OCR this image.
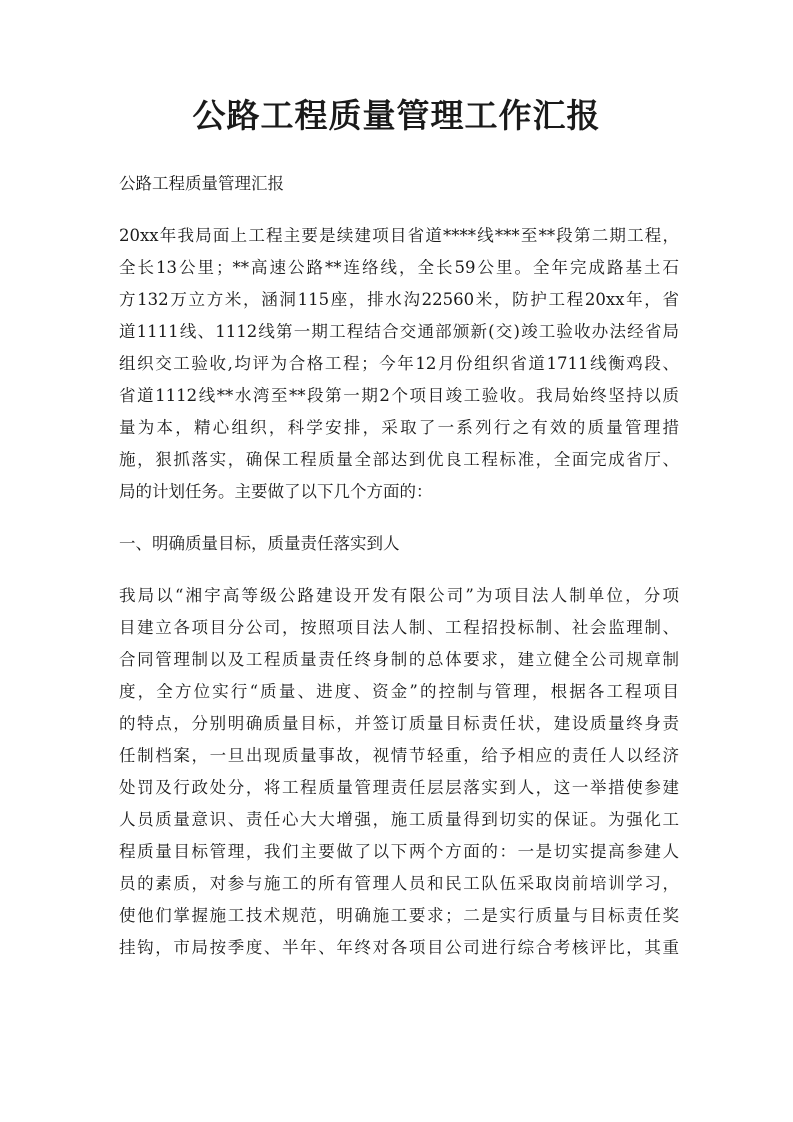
公路工程质量管理工作汇报
公路工程质量管理汇报
20xx年我局面上工程主要是续建项目省道****线***至**段第二期工程，
全长13公里；**高速公路**连络线，全长59公里。全年完成路基土石
方132万立方米，涵洞115座，排水沟22560米，防护工程20xx年，省
道1111线、1112线第一期工程结合交通部颁新(交)竣工验收办法经省局
组织交工验收,均评为合格工程；今年12月份组织省道1711线衡鸡段、
省道1112线**水湾至**段第一期2个项目竣工验收。我局始终坚持以质
量为本，精心组织，科学安排，采取了一系列行之有效的质量管理措
施，狠抓落实，确保工程质量全部达到优良工程标准，全面完成省厅、
局的计划任务。主要做了以下几个方面的：
一、明确质量目标，质量责任落实到人
我局以“湘宇高等级公路建设开发有限公司”为项目法人制单位，分项
目建立各项目分公司，按照项目法人制、工程招投标制、社会监理制、
合同管理制以及工程质量责任终身制的总体要求，建立健全公司规章制
度，全方位实行“质量、进度、资金”的控制与管理，根据各工程项目
的特点，分别明确质量目标，并签订质量目标责任状，建设质量终身责
任制档案，一旦出现质量事故，视情节轻重，给予相应的责任人以经济
处罚及行政处分，将工程质量管理责任层层落实到人，这一举措使参建
人员质量意识、责任心大大增强，施工质量得到切实的保证。为强化工
程质量目标管理，我们主要做了以下两个方面的：一是切实提高参建人
员的素质，对参与施工的所有管理人员和民工队伍采取岗前培训学习，
使他们掌握施工技术规范，明确施工要求；二是实行质量与目标责任奖
挂钩，市局按季度、半年、年终对各项目公司进行综合考核评比，其重
